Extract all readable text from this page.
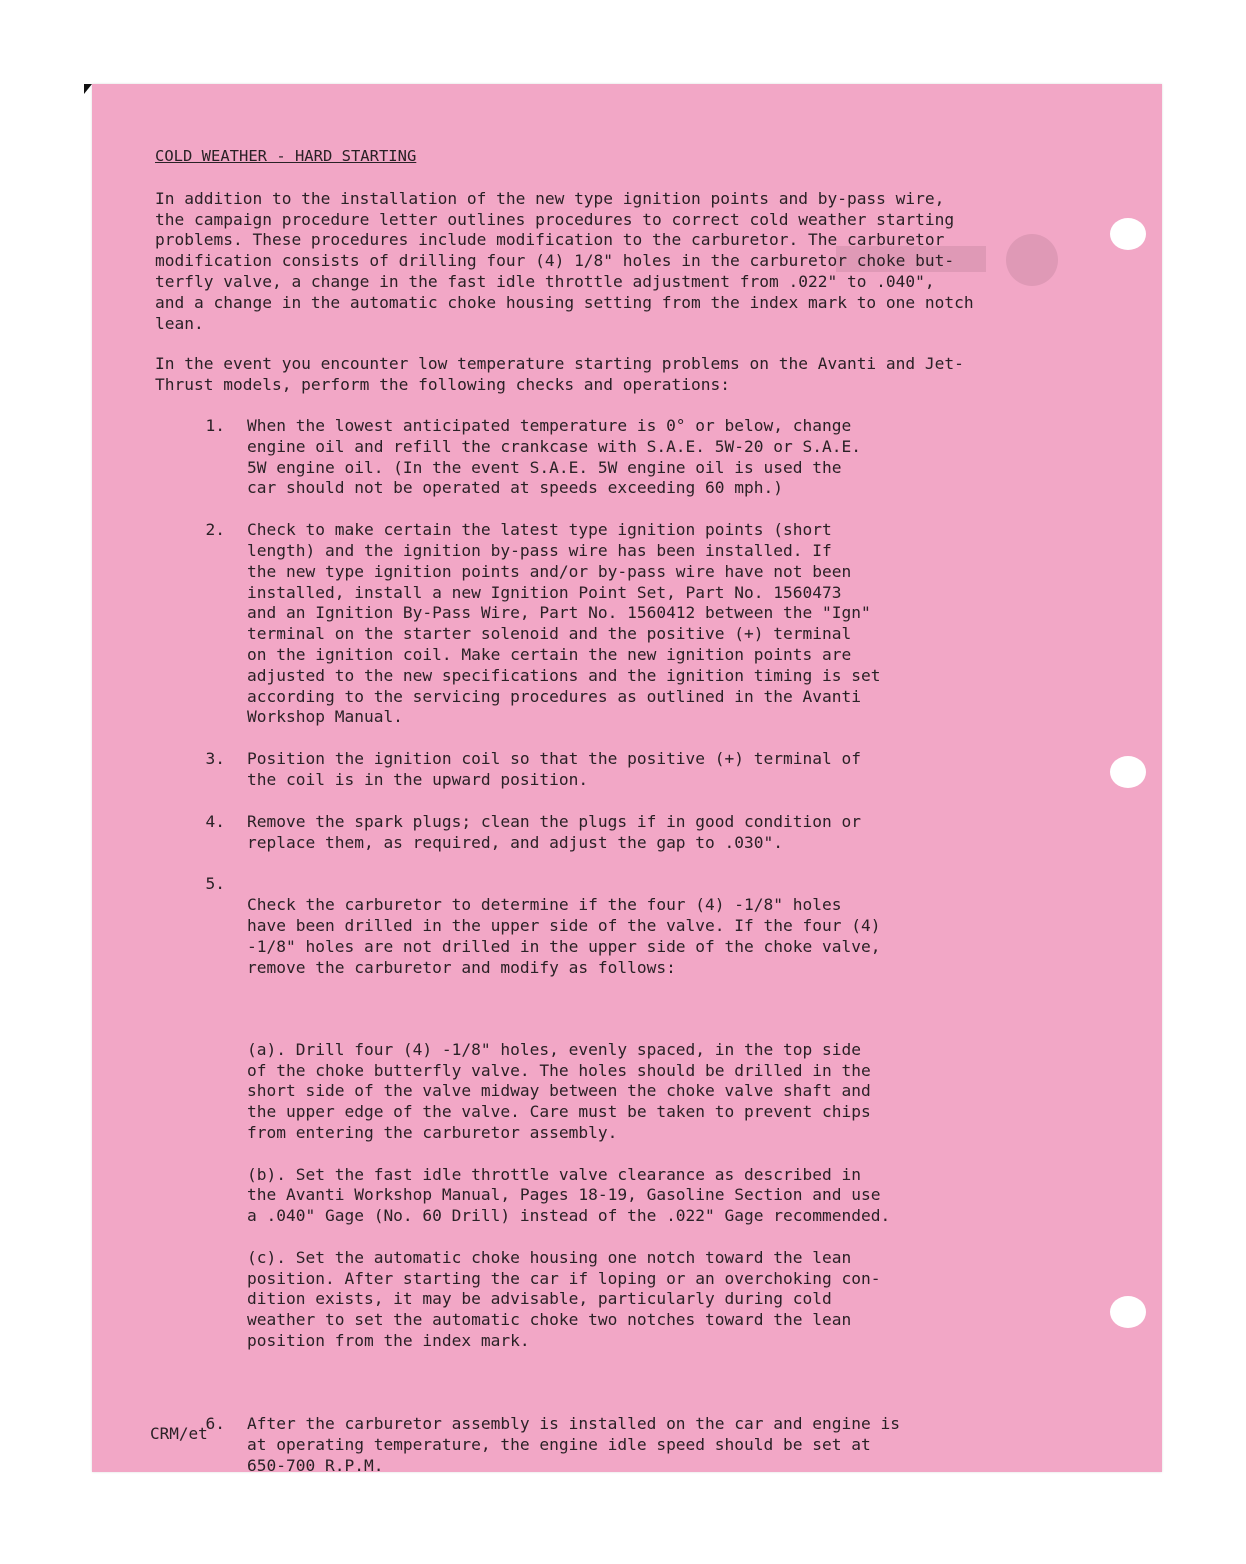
COLD WEATHER - HARD STARTING
In addition to the installation of the new type ignition points and by-pass wire,
the campaign procedure letter outlines procedures to correct cold weather starting
problems. These procedures include modification to the carburetor. The carburetor
modification consists of drilling four (4) 1/8" holes in the carburetor choke but-
terfly valve, a change in the fast idle throttle adjustment from .022" to .040",
and a change in the automatic choke housing setting from the index mark to one notch
lean.
In the event you encounter low temperature starting problems on the Avanti and Jet-
Thrust models, perform the following checks and operations:
1.	When the lowest anticipated temperature is 0° or below, change
engine oil and refill the crankcase with S.A.E. 5W-20 or S.A.E.
5W engine oil. (In the event S.A.E. 5W engine oil is used the
car should not be operated at speeds exceeding 60 mph.)
2.	Check to make certain the latest type ignition points (short
length) and the ignition by-pass wire has been installed. If
the new type ignition points and/or by-pass wire have not been
installed, install a new Ignition Point Set, Part No. 1560473
and an Ignition By-Pass Wire, Part No. 1560412 between the "Ign"
terminal on the starter solenoid and the positive (+) terminal
on the ignition coil. Make certain the new ignition points are
adjusted to the new specifications and the ignition timing is set
according to the servicing procedures as outlined in the Avanti
Workshop Manual.
3.	Position the ignition coil so that the positive (+) terminal of
the coil is in the upward position.
4.	Remove the spark plugs; clean the plugs if in good condition or
replace them, as required, and adjust the gap to .030".
5.

Check the carburetor to determine if the four (4) -1/8" holes
have been drilled in the upper side of the valve. If the four (4)
-1/8" holes are not drilled in the upper side of the choke valve,
remove the carburetor and modify as follows:

(a). Drill four (4) -1/8" holes, evenly spaced, in the top side
of the choke butterfly valve. The holes should be drilled in the
short side of the valve midway between the choke valve shaft and
the upper edge of the valve. Care must be taken to prevent chips
from entering the carburetor assembly.

(b). Set the fast idle throttle valve clearance as described in
the Avanti Workshop Manual, Pages 18-19, Gasoline Section and use
a .040" Gage (No. 60 Drill) instead of the .022" Gage recommended.

(c). Set the automatic choke housing one notch toward the lean
position. After starting the car if loping or an overchoking con-
dition exists, it may be advisable, particularly during cold
weather to set the automatic choke two notches toward the lean
position from the index mark.

6.	After the carburetor assembly is installed on the car and engine is
at operating temperature, the engine idle speed should be set at
650-700 R.P.M.
CRM/et
